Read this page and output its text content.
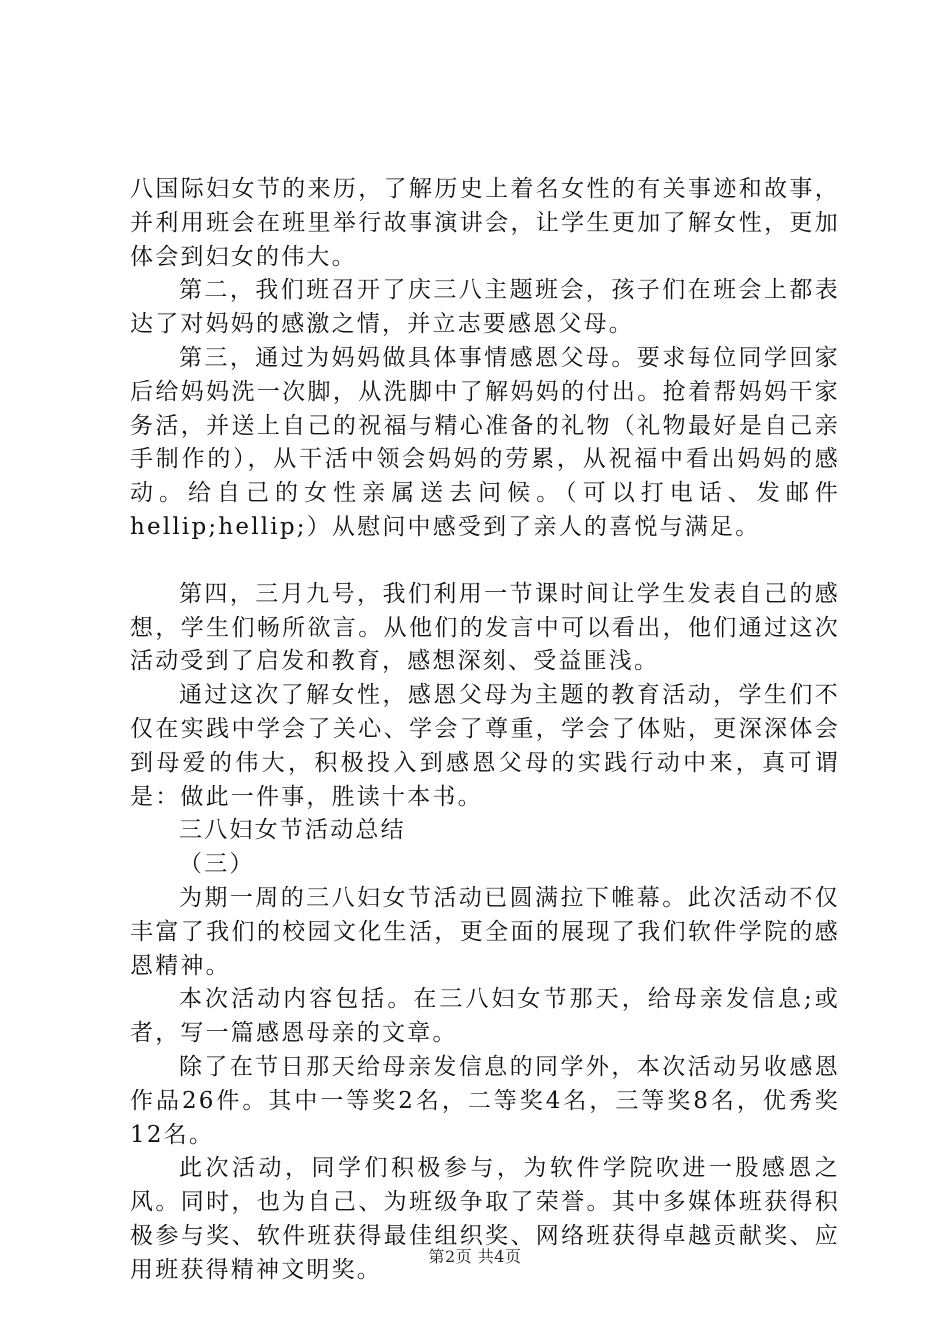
八国际妇女节的来历，了解历史上着名女性的有关事迹和故事，并利用班会在班里举行故事演讲会，让学生更加了解女性，更加体会到妇女的伟大。

第二，我们班召开了庆三八主题班会，孩子们在班会上都表达了对妈妈的感激之情，并立志要感恩父母。

第三，通过为妈妈做具体事情感恩父母。要求每位同学回家后给妈妈洗一次脚，从洗脚中了解妈妈的付出。抢着帮妈妈干家务活，并送上自己的祝福与精心准备的礼物（礼物最好是自己亲手制作的），从干活中领会妈妈的劳累，从祝福中看出妈妈的感动。给自己的女性亲属送去问候。（可以打电话、发邮件hellip;hellip;）从慰问中感受到了亲人的喜悦与满足。

第四，三月九号，我们利用一节课时间让学生发表自己的感想，学生们畅所欲言。从他们的发言中可以看出，他们通过这次活动受到了启发和教育，感想深刻、受益匪浅。

通过这次了解女性，感恩父母为主题的教育活动，学生们不仅在实践中学会了关心、学会了尊重，学会了体贴，更深深体会到母爱的伟大，积极投入到感恩父母的实践行动中来，真可谓是：做此一件事，胜读十本书。

三八妇女节活动总结

（三）

为期一周的三八妇女节活动已圆满拉下帷幕。此次活动不仅丰富了我们的校园文化生活，更全面的展现了我们软件学院的感恩精神。

本次活动内容包括。在三八妇女节那天，给母亲发信息;或者，写一篇感恩母亲的文章。

除了在节日那天给母亲发信息的同学外，本次活动另收感恩作品26件。其中一等奖2名，二等奖4名，三等奖8名，优秀奖12名。

此次活动，同学们积极参与，为软件学院吹进一股感恩之风。同时，也为自己、为班级争取了荣誉。其中多媒体班获得积极参与奖、软件班获得最佳组织奖、网络班获得卓越贡献奖、应用班获得精神文明奖。

第2页 共4页
